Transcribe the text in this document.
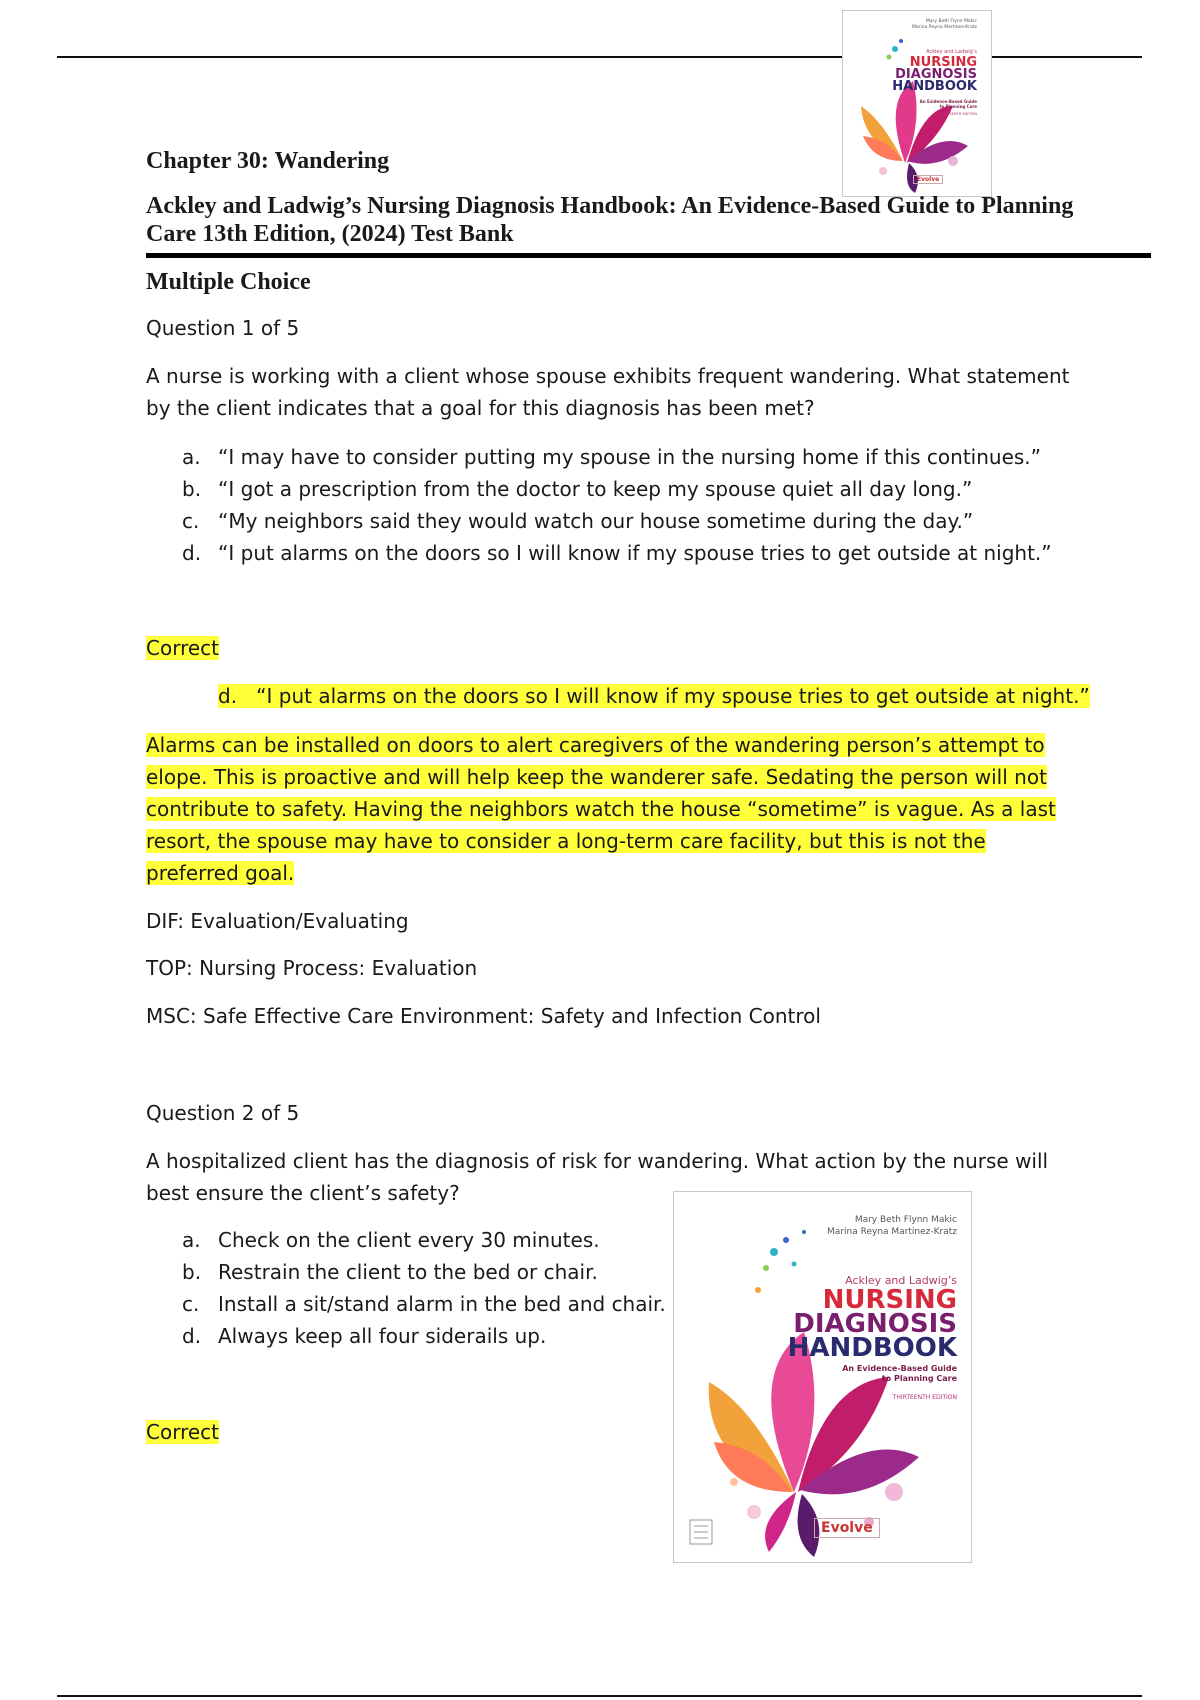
Mary Beth Flynn Makic
Marina Reyna Martinez-Kratz
Ackley and Ladwig’s
NURSING
DIAGNOSIS
HANDBOOK
An Evidence-Based Guide
to Planning Care
THIRTEENTH EDITION
Evolve
Chapter 30: Wandering
Ackley and Ladwig’s Nursing Diagnosis Handbook: An Evidence-Based Guide to Planning Care 13th Edition, (2024) Test Bank
Multiple Choice
Question 1 of 5
A nurse is working with a client whose spouse exhibits frequent wandering. What statement by the client indicates that a goal for this diagnosis has been met?
a. “I may have to consider putting my spouse in the nursing home if this continues.”
b. “I got a prescription from the doctor to keep my spouse quiet all day long.”
c. “My neighbors said they would watch our house sometime during the day.”
d. “I put alarms on the doors so I will know if my spouse tries to get outside at night.”
Correct
d. “I put alarms on the doors so I will know if my spouse tries to get outside at night.”
Alarms can be installed on doors to alert caregivers of the wandering person’s attempt to elope. This is proactive and will help keep the wanderer safe. Sedating the person will not contribute to safety. Having the neighbors watch the house “sometime” is vague. As a last resort, the spouse may have to consider a long-term care facility, but this is not the preferred goal.
DIF: Evaluation/Evaluating
TOP: Nursing Process: Evaluation
MSC: Safe Effective Care Environment: Safety and Infection Control
Question 2 of 5
A hospitalized client has the diagnosis of risk for wandering. What action by the nurse will best ensure the client’s safety?
a. Check on the client every 30 minutes.
b. Restrain the client to the bed or chair.
c. Install a sit/stand alarm in the bed and chair.
d. Always keep all four siderails up.
Correct
Mary Beth Flynn Makic
Marina Reyna Martinez-Kratz
Ackley and Ladwig’s
NURSING
DIAGNOSIS
HANDBOOK
An Evidence-Based Guide
to Planning Care
THIRTEENTH EDITION
Evolve
